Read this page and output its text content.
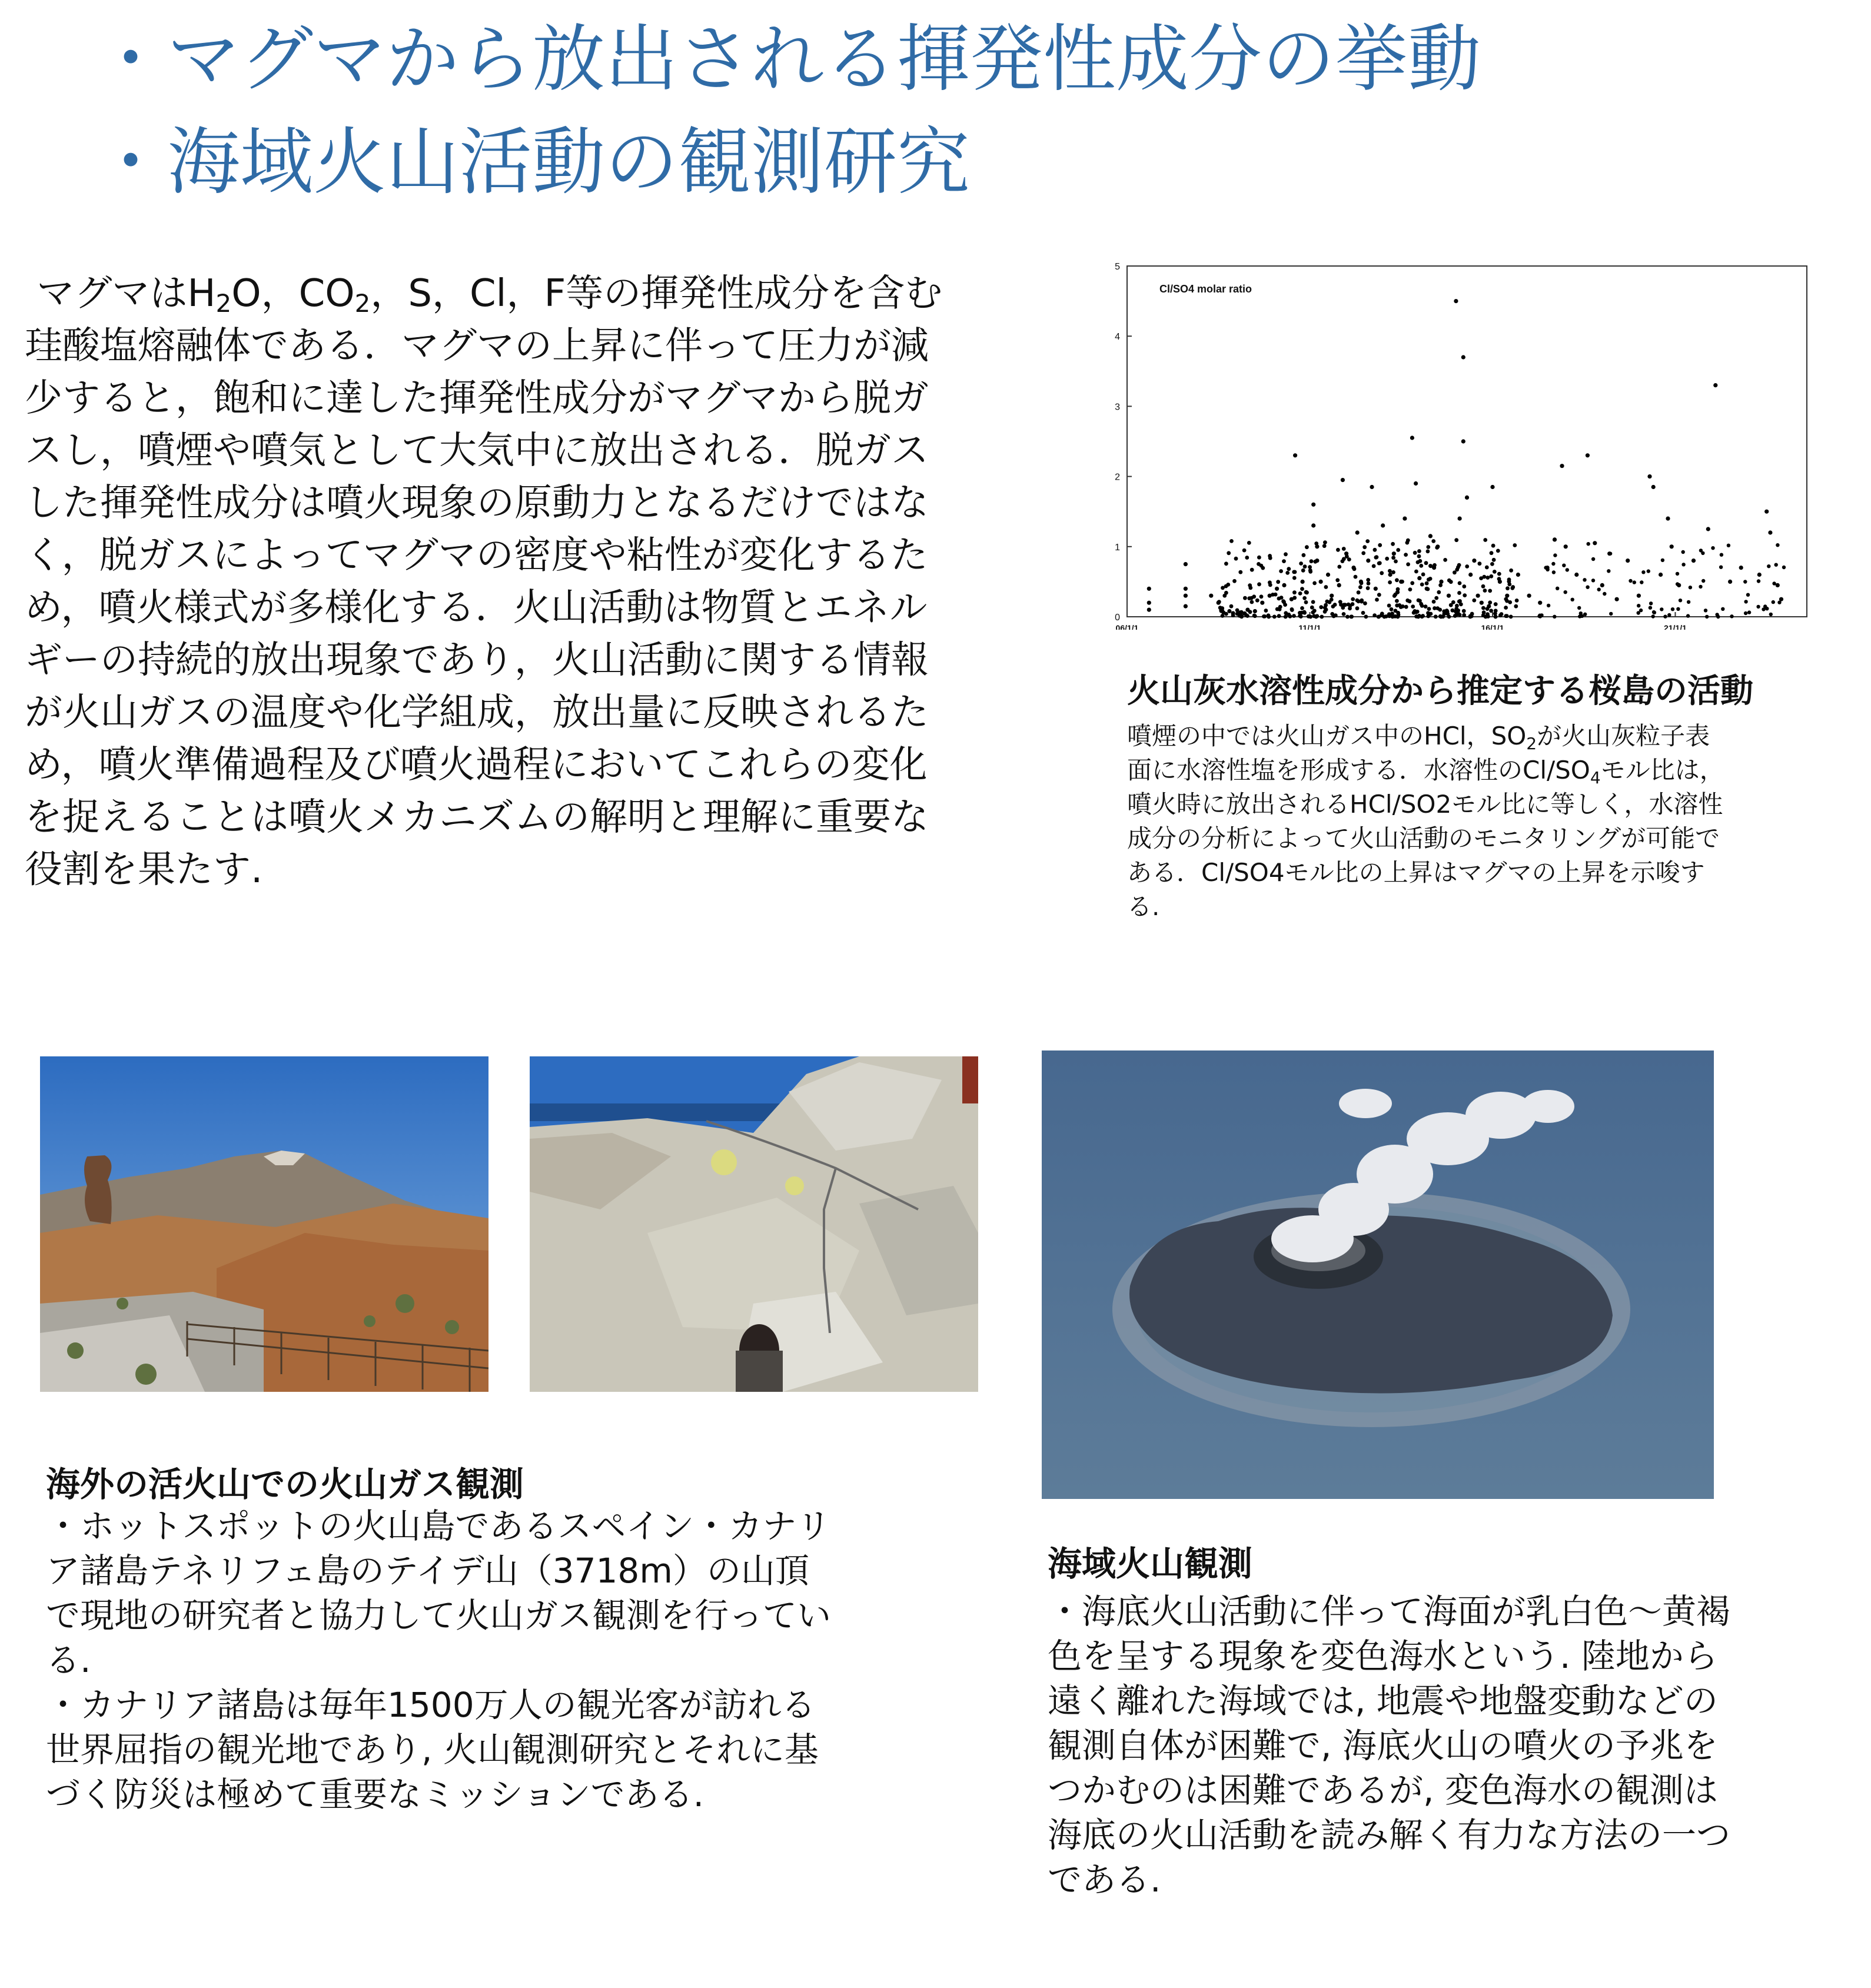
・マグマから放出される揮発性成分の挙動
・海域火山活動の観測研究
マグマは$H_2O$，$CO_2$，S，Cl，F等の揮発性成分を含む
珪酸塩熔融体である．マグマの上昇に伴って圧力が減
少すると，飽和に達した揮発性成分がマグマから脱ガ
スし，噴煙や噴気として大気中に放出される．脱ガス
した揮発性成分は噴火現象の原動力となるだけではな
く，脱ガスによってマグマの密度や粘性が変化するた
め，噴火様式が多様化する．火山活動は物質とエネル
ギーの持続的放出現象であり，火山活動に関する情報
が火山ガスの温度や化学組成，放出量に反映されるた
め，噴火準備過程及び噴火過程においてこれらの変化
を捉えることは噴火メカニズムの解明と理解に重要な
役割を果たす.
Cl/SO4 molar ratio
0
1
2
3
4
5
06/1/1	11/1/1	16/1/1	21/1/1
火山灰水溶性成分から推定する桜島の活動
噴煙の中では火山ガス中のHCl，$SO_2$が火山灰粒子表
面に水溶性塩を形成する．水溶性の$Cl/SO_4$モル比は，
噴火時に放出されるHCl/SO2モル比に等しく，水溶性
成分の分析によって火山活動のモニタリングが可能で
ある．Cl/SO4モル比の上昇はマグマの上昇を示唆す
る.
海外の活火山での火山ガス観測
・ホットスポットの火山島であるスペイン・カナリ
ア諸島テネリフェ島のテイデ山（3718m）の山頂
で現地の研究者と協力して火山ガス観測を行ってい
る.
・カナリア諸島は毎年1500万人の観光客が訪れる
世界屈指の観光地であり, 火山観測研究とそれに基
づく防災は極めて重要なミッションである.
海域火山観測
・海底火山活動に伴って海面が乳白色～黄褐
色を呈する現象を変色海水という. 陸地から
遠く離れた海域では, 地震や地盤変動などの
観測自体が困難で, 海底火山の噴火の予兆を
つかむのは困難であるが, 変色海水の観測は
海底の火山活動を読み解く有力な方法の一つ
である.
